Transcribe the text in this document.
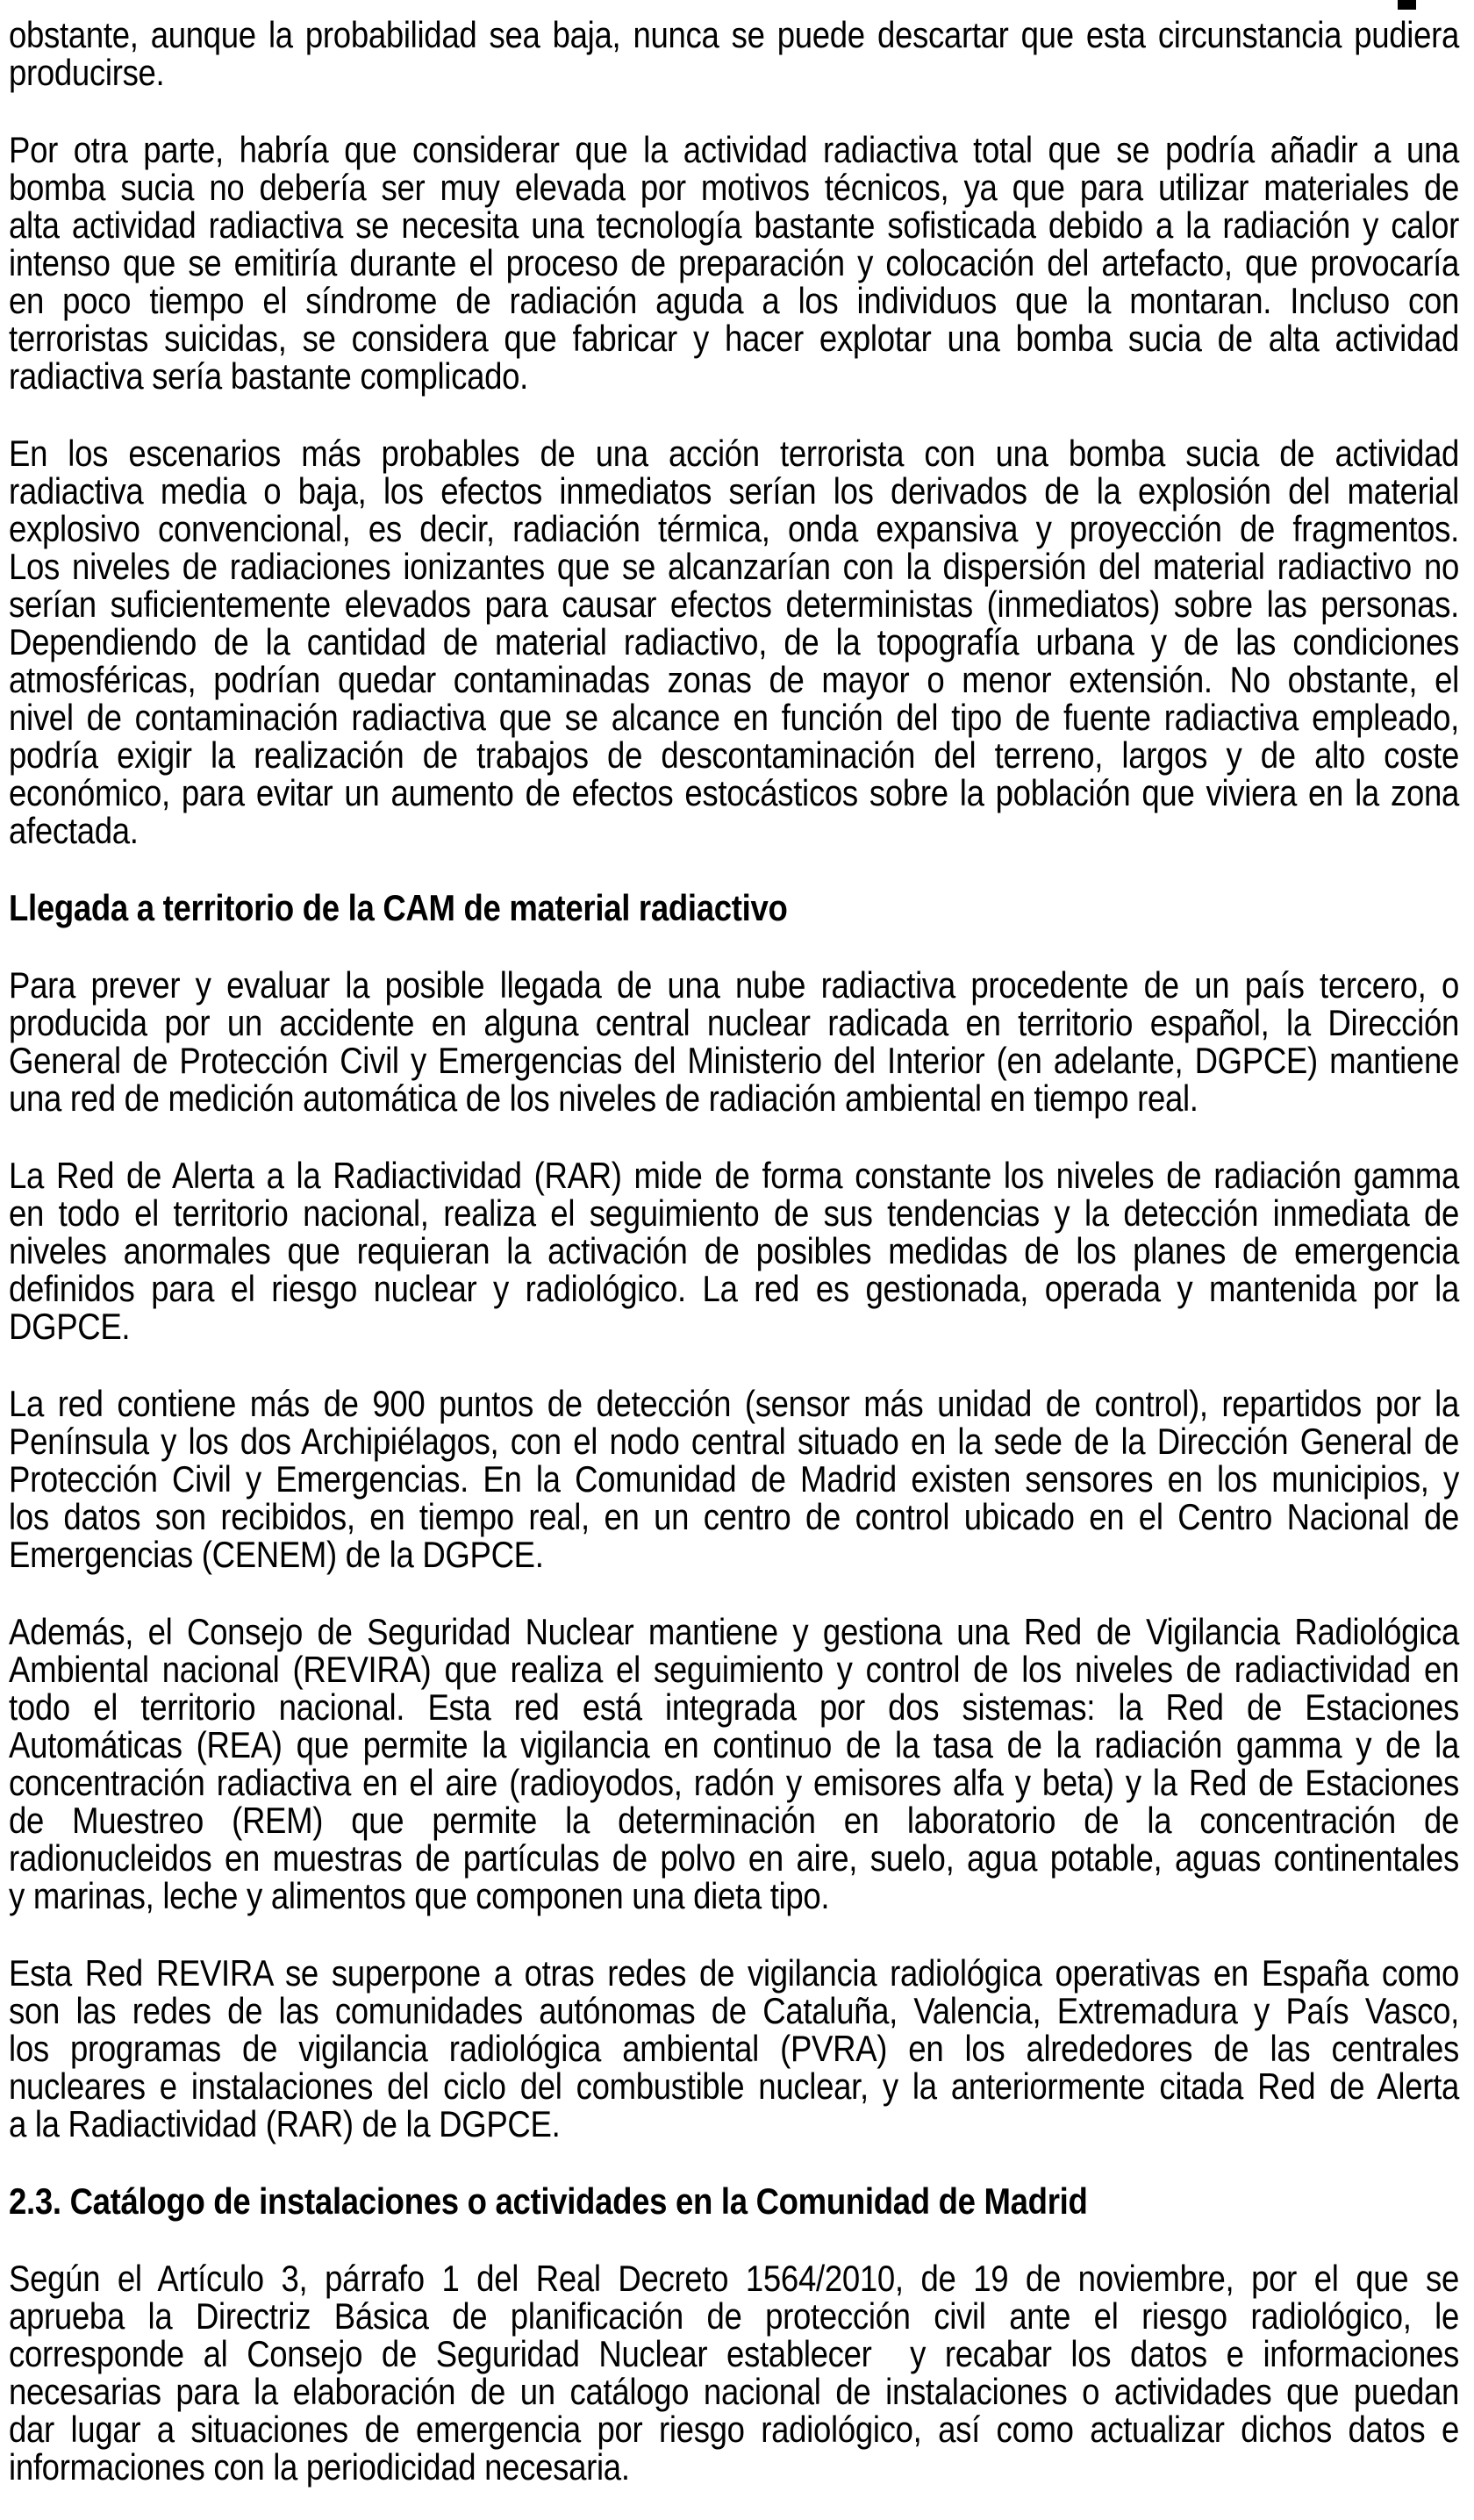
obstante, aunque la probabilidad sea baja, nunca se puede descartar que esta circunstancia pudiera
producirse.

Por otra parte, habría que considerar que la actividad radiactiva total que se podría añadir a una
bomba sucia no debería ser muy elevada por motivos técnicos, ya que para utilizar materiales de
alta actividad radiactiva se necesita una tecnología bastante sofisticada debido a la radiación y calor
intenso que se emitiría durante el proceso de preparación y colocación del artefacto, que provocaría
en poco tiempo el síndrome de radiación aguda a los individuos que la montaran. Incluso con
terroristas suicidas, se considera que fabricar y hacer explotar una bomba sucia de alta actividad
radiactiva sería bastante complicado.

En los escenarios más probables de una acción terrorista con una bomba sucia de actividad
radiactiva media o baja, los efectos inmediatos serían los derivados de la explosión del material
explosivo convencional, es decir, radiación térmica, onda expansiva y proyección de fragmentos.
Los niveles de radiaciones ionizantes que se alcanzarían con la dispersión del material radiactivo no
serían suficientemente elevados para causar efectos deterministas (inmediatos) sobre las personas.
Dependiendo de la cantidad de material radiactivo, de la topografía urbana y de las condiciones
atmosféricas, podrían quedar contaminadas zonas de mayor o menor extensión. No obstante, el
nivel de contaminación radiactiva que se alcance en función del tipo de fuente radiactiva empleado,
podría exigir la realización de trabajos de descontaminación del terreno, largos y de alto coste
económico, para evitar un aumento de efectos estocásticos sobre la población que viviera en la zona
afectada.

Llegada a territorio de la CAM de material radiactivo

Para prever y evaluar la posible llegada de una nube radiactiva procedente de un país tercero, o
producida por un accidente en alguna central nuclear radicada en territorio español, la Dirección
General de Protección Civil y Emergencias del Ministerio del Interior (en adelante, DGPCE) mantiene
una red de medición automática de los niveles de radiación ambiental en tiempo real.

La Red de Alerta a la Radiactividad (RAR) mide de forma constante los niveles de radiación gamma
en todo el territorio nacional, realiza el seguimiento de sus tendencias y la detección inmediata de
niveles anormales que requieran la activación de posibles medidas de los planes de emergencia
definidos para el riesgo nuclear y radiológico. La red es gestionada, operada y mantenida por la
DGPCE.

La red contiene más de 900 puntos de detección (sensor más unidad de control), repartidos por la
Península y los dos Archipiélagos, con el nodo central situado en la sede de la Dirección General de
Protección Civil y Emergencias. En la Comunidad de Madrid existen sensores en los municipios, y
los datos son recibidos, en tiempo real, en un centro de control ubicado en el Centro Nacional de
Emergencias (CENEM) de la DGPCE.

Además, el Consejo de Seguridad Nuclear mantiene y gestiona una Red de Vigilancia Radiológica
Ambiental nacional (REVIRA) que realiza el seguimiento y control de los niveles de radiactividad en
todo el territorio nacional. Esta red está integrada por dos sistemas: la Red de Estaciones
Automáticas (REA) que permite la vigilancia en continuo de la tasa de la radiación gamma y de la
concentración radiactiva en el aire (radioyodos, radón y emisores alfa y beta) y la Red de Estaciones
de Muestreo (REM) que permite la determinación en laboratorio de la concentración de
radionucleidos en muestras de partículas de polvo en aire, suelo, agua potable, aguas continentales
y marinas, leche y alimentos que componen una dieta tipo.

Esta Red REVIRA se superpone a otras redes de vigilancia radiológica operativas en España como
son las redes de las comunidades autónomas de Cataluña, Valencia, Extremadura y País Vasco,
los programas de vigilancia radiológica ambiental (PVRA) en los alrededores de las centrales
nucleares e instalaciones del ciclo del combustible nuclear, y la anteriormente citada Red de Alerta
a la Radiactividad (RAR) de la DGPCE.

2.3. Catálogo de instalaciones o actividades en la Comunidad de Madrid

Según el Artículo 3, párrafo 1 del Real Decreto 1564/2010, de 19 de noviembre, por el que se
aprueba la Directriz Básica de planificación de protección civil ante el riesgo radiológico, le
corresponde al Consejo de Seguridad Nuclear establecer  y recabar los datos e informaciones
necesarias para la elaboración de un catálogo nacional de instalaciones o actividades que puedan
dar lugar a situaciones de emergencia por riesgo radiológico, así como actualizar dichos datos e
informaciones con la periodicidad necesaria.
